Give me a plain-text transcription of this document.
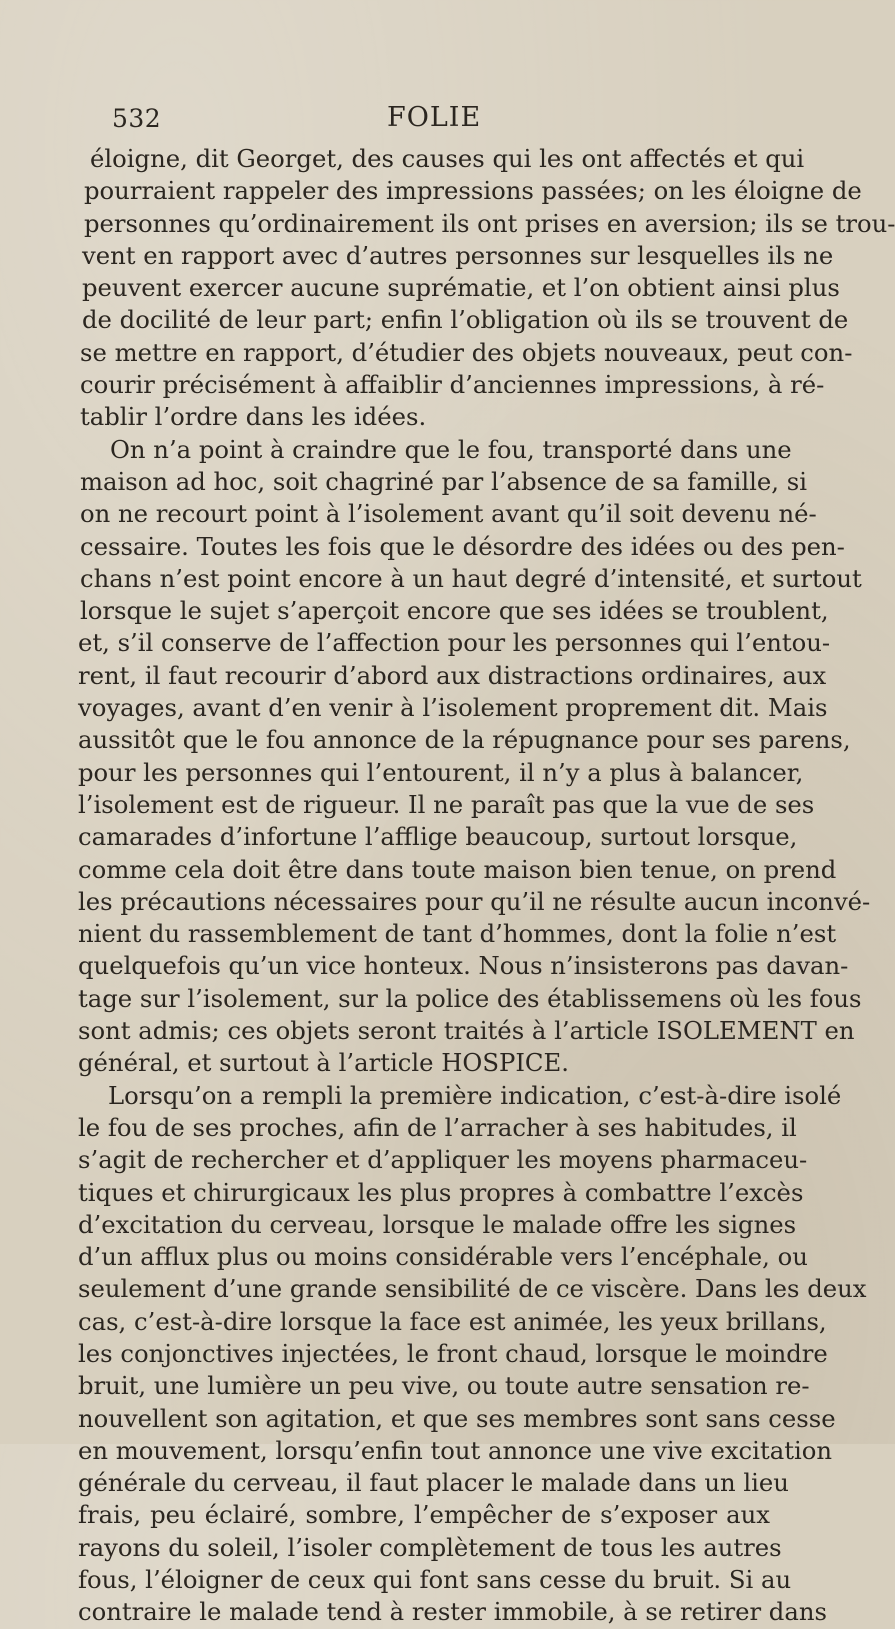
532	FOLIE
éloigne, dit Georget, des causes qui les ont affectés et qui
pourraient rappeler des impressions passées; on les éloigne de
personnes qu’ordinairement ils ont prises en aversion; ils se trou-
vent en rapport avec d’autres personnes sur lesquelles ils ne
peuvent exercer aucune suprématie, et l’on obtient ainsi plus
de docilité de leur part; enfin l’obligation où ils se trouvent de
se mettre en rapport, d’étudier des objets nouveaux, peut con-
courir précisément à affaiblir d’anciennes impressions, à ré-
tablir l’ordre dans les idées.
On n’a point à craindre que le fou, transporté dans une
maison ad hoc, soit chagriné par l’absence de sa famille, si
on ne recourt point à l’isolement avant qu’il soit devenu né-
cessaire. Toutes les fois que le désordre des idées ou des pen-
chans n’est point encore à un haut degré d’intensité, et surtout
lorsque le sujet s’aperçoit encore que ses idées se troublent,
et, s’il conserve de l’affection pour les personnes qui l’entou-
rent, il faut recourir d’abord aux distractions ordinaires, aux
voyages, avant d’en venir à l’isolement proprement dit. Mais
aussitôt que le fou annonce de la répugnance pour ses parens,
pour les personnes qui l’entourent, il n’y a plus à balancer,
l’isolement est de rigueur. Il ne paraît pas que la vue de ses
camarades d’infortune l’afflige beaucoup, surtout lorsque,
comme cela doit être dans toute maison bien tenue, on prend
les précautions nécessaires pour qu’il ne résulte aucun inconvé-
nient du rassemblement de tant d’hommes, dont la folie n’est
quelquefois qu’un vice honteux. Nous n’insisterons pas davan-
tage sur l’isolement, sur la police des établissemens où les fous
sont admis; ces objets seront traités à l’article ISOLEMENT en
général, et surtout à l’article HOSPICE.
Lorsqu’on a rempli la première indication, c’est-à-dire isolé
le fou de ses proches, afin de l’arracher à ses habitudes, il
s’agit de rechercher et d’appliquer les moyens pharmaceu-
tiques et chirurgicaux les plus propres à combattre l’excès
d’excitation du cerveau, lorsque le malade offre les signes
d’un afflux plus ou moins considérable vers l’encéphale, ou
seulement d’une grande sensibilité de ce viscère. Dans les deux
cas, c’est-à-dire lorsque la face est animée, les yeux brillans,
les conjonctives injectées, le front chaud, lorsque le moindre
bruit, une lumière un peu vive, ou toute autre sensation re-
nouvellent son agitation, et que ses membres sont sans cesse
en mouvement, lorsqu’enfin tout annonce une vive excitation
générale du cerveau, il faut placer le malade dans un lieu
frais, peu éclairé, sombre, l’empêcher de s’exposer aux
rayons du soleil, l’isoler complètement de tous les autres
fous, l’éloigner de ceux qui font sans cesse du bruit. Si au
contraire le malade tend à rester immobile, à se retirer dans
